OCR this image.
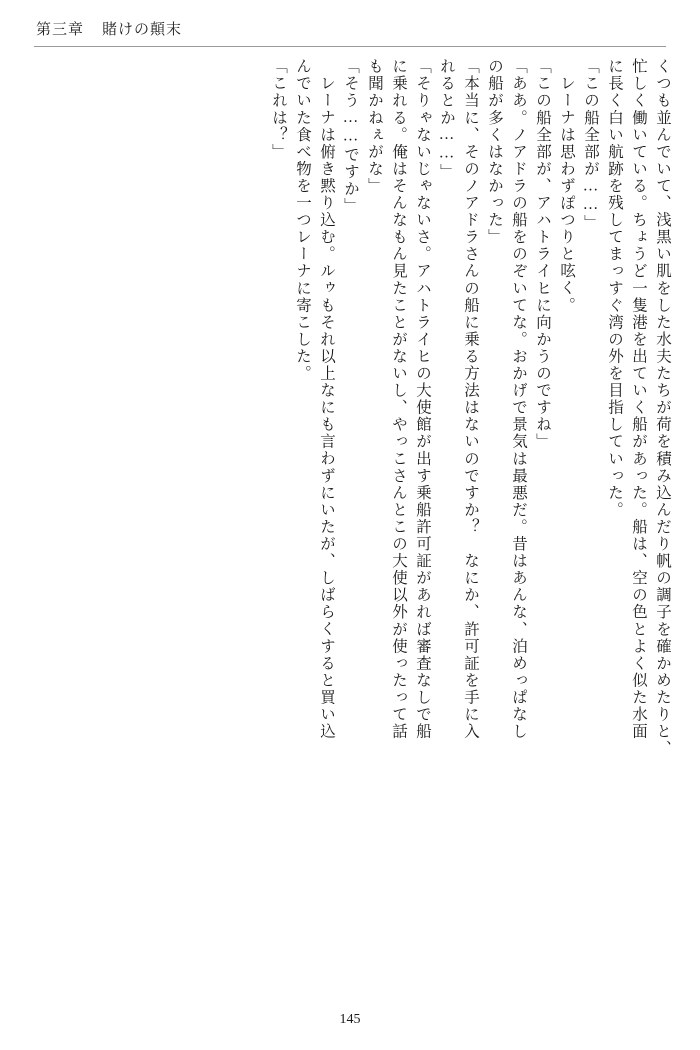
第三章 賭けの顛末
くつも並んでいて、浅黒い肌をした水夫たちが荷を積み込んだり帆の調子を確かめたりと、
忙しく働いている。ちょうど一隻港を出ていく船があった。船は、空の色とよく似た水面
に長く白い航跡を残してまっすぐ湾の外を目指していった。
「この船全部が……」
レーナは思わずぽつりと呟く。
「この船全部が、アハトライヒに向かうのですね」
「ああ。ノアドラの船をのぞいてな。おかげで景気は最悪だ。昔はあんな、泊めっぱなし
の船が多くはなかった」
「本当に、そのノアドラさんの船に乗る方法はないのですか？　なにか、許可証を手に入
れるとか……」
「そりゃないじゃないさ。アハトライヒの大使館が出す乗船許可証があれば審査なしで船
に乗れる。俺はそんなもん見たことがないし、やっこさんとこの大使以外が使ったって話
も聞かねぇがな」
「そう……ですか」
レーナは俯き黙り込む。ルゥもそれ以上なにも言わずにいたが、しばらくすると買い込
んでいた食べ物を一つレーナに寄こした。
「これは？」
145
